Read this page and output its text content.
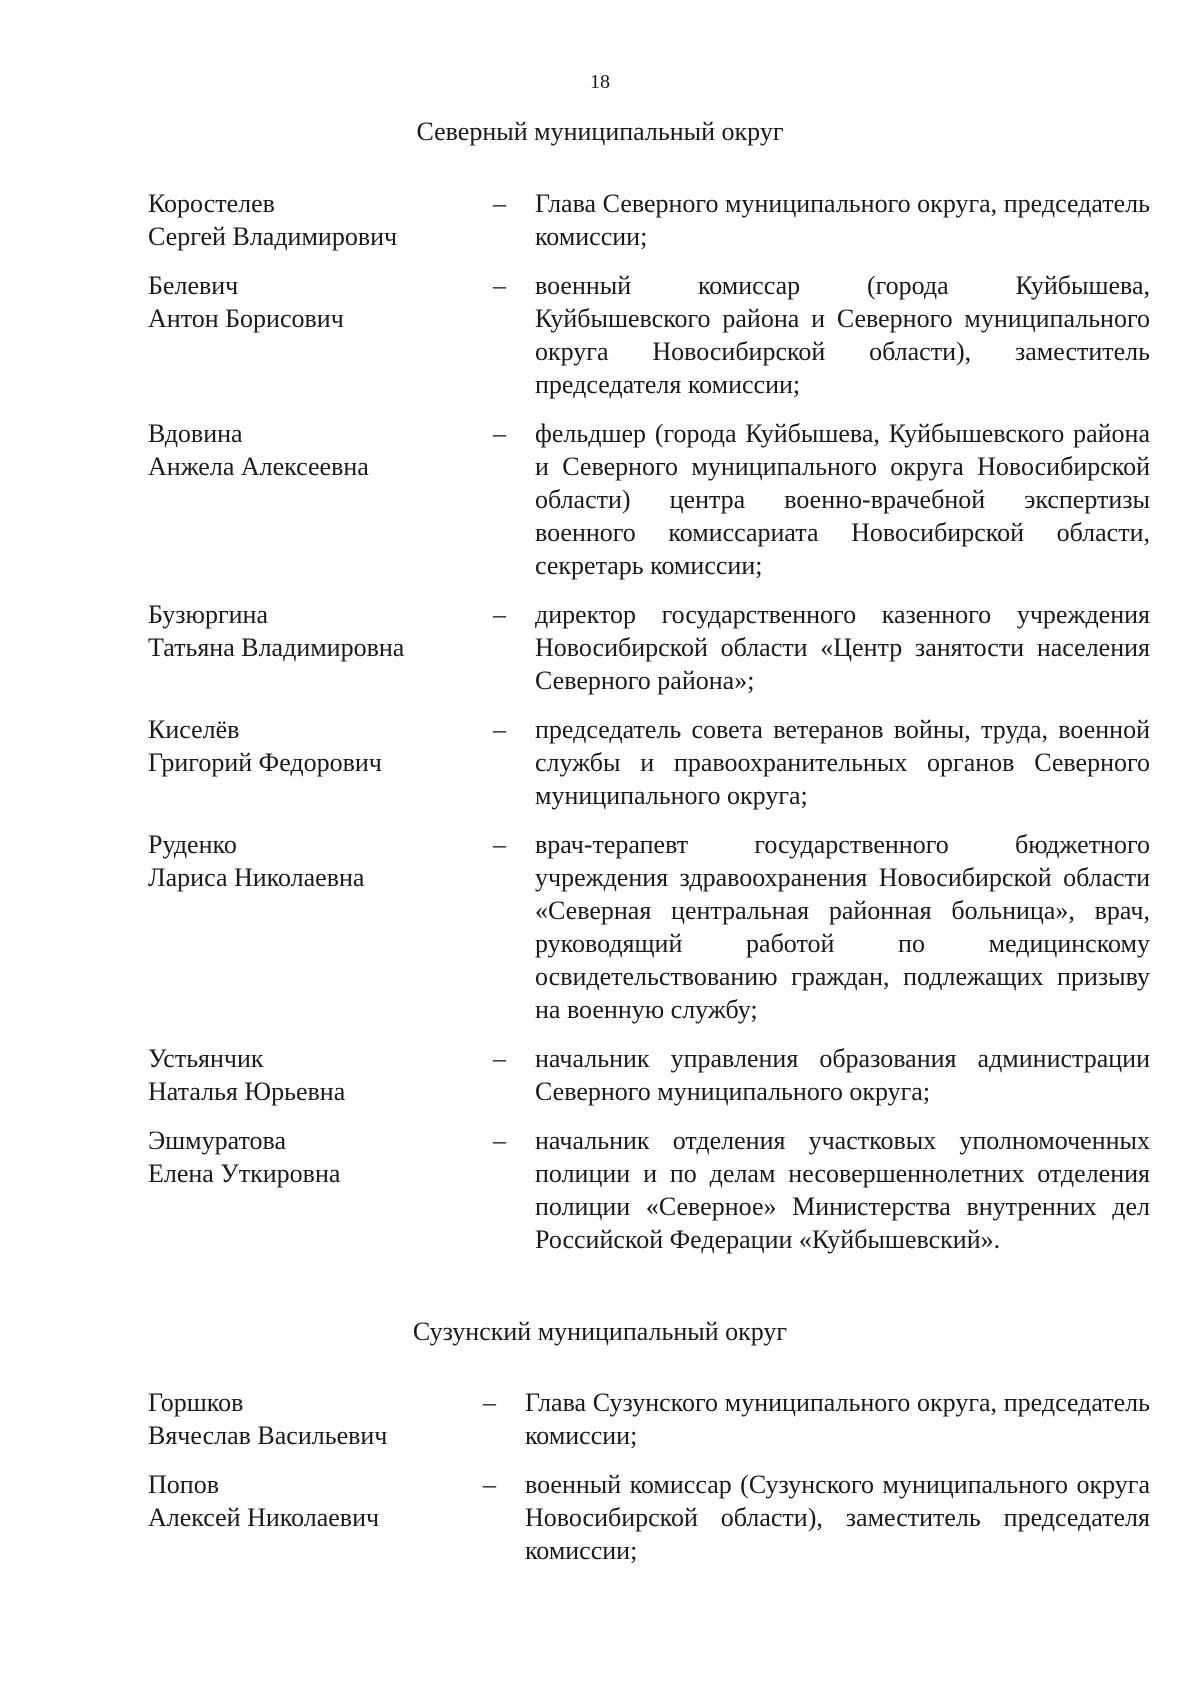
18
Северный муниципальный округ
Коростелев
Сергей Владимирович
–	Глава Северного муниципального округа, председатель комиссии;
Белевич
Антон Борисович
–	военный комиссар (города Куйбышева, Куйбышевского района и Северного муниципального округа Новосибирской области), заместитель председателя комиссии;
Вдовина
Анжела Алексеевна
–	фельдшер (города Куйбышева, Куйбышевского района и Северного муниципального округа Новосибирской области) центра военно-врачебной экспертизы военного комиссариата Новосибирской области, секретарь комиссии;
Бузюргина
Татьяна Владимировна
–	директор государственного казенного учреждения Новосибирской области «Центр занятости населения Северного района»;
Киселёв
Григорий Федорович
–	председатель совета ветеранов войны, труда, военной службы и правоохранительных органов Северного муниципального округа;
Руденко
Лариса Николаевна
–	врач-терапевт государственного бюджетного учреждения здравоохранения Новосибирской области «Северная центральная районная больница», врач, руководящий работой по медицинскому освидетельствованию граждан, подлежащих призыву на военную службу;
Устьянчик
Наталья Юрьевна
–	начальник управления образования администрации Северного муниципального округа;
Эшмуратова
Елена Уткировна
–	начальник отделения участковых уполномоченных полиции и по делам несовершеннолетних отделения полиции «Северное» Министерства внутренних дел Российской Федерации «Куйбышевский».
Сузунский муниципальный округ
Горшков
Вячеслав Васильевич
–	Глава Сузунского муниципального округа, председатель комиссии;
Попов
Алексей Николаевич
–	военный комиссар (Сузунского муниципального округа Новосибирской области), заместитель председателя комиссии;
